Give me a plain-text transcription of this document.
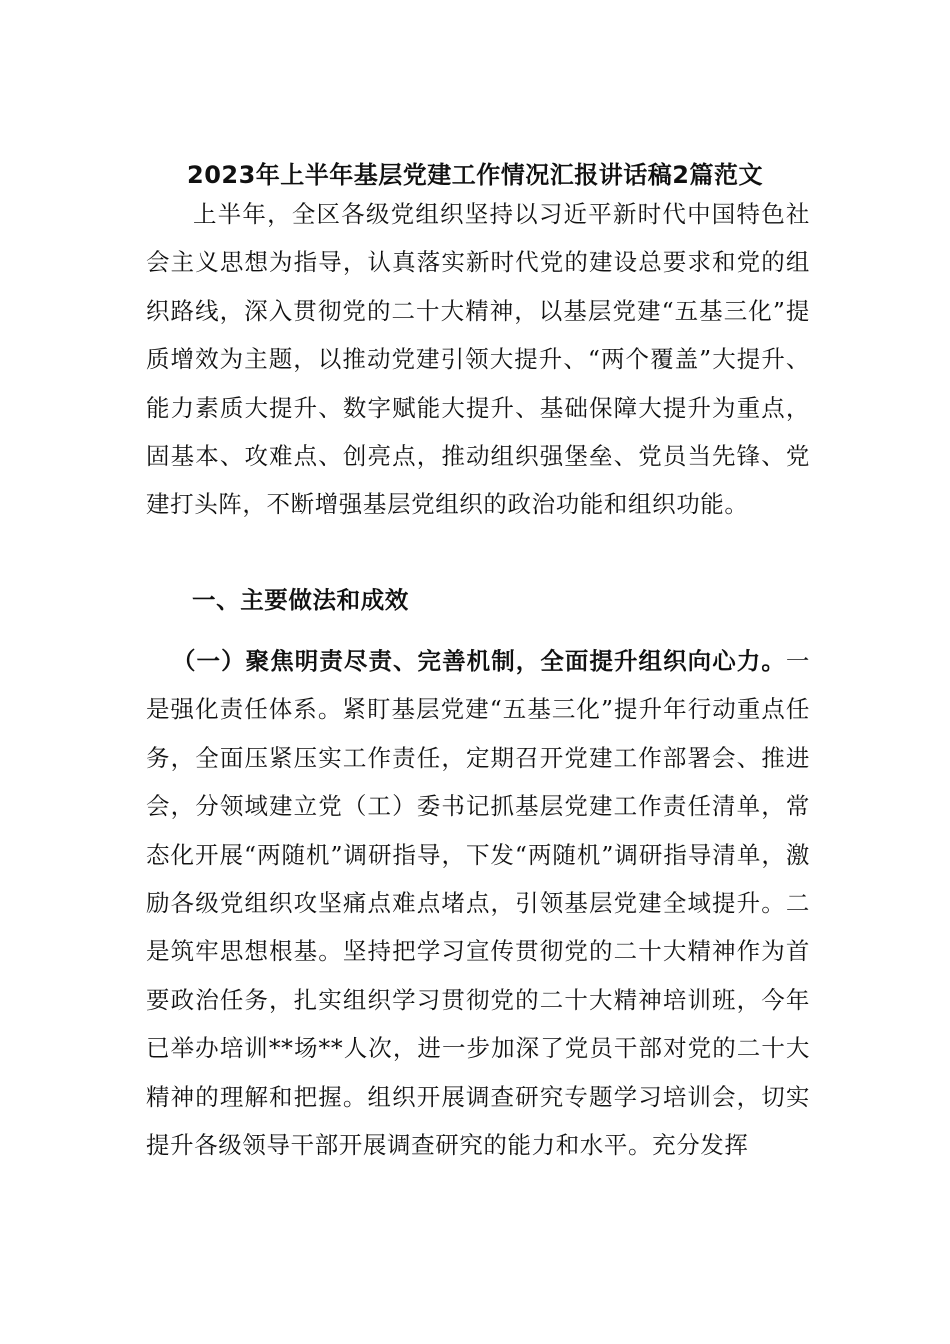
2023年上半年基层党建工作情况汇报讲话稿2篇范文
上半年，全区各级党组织坚持以习近平新时代中国特色社会主义思想为指导，认真落实新时代党的建设总要求和党的组织路线，深入贯彻党的二十大精神，以基层党建“五基三化”提质增效为主题，以推动党建引领大提升、“两个覆盖”大提升、能力素质大提升、数字赋能大提升、基础保障大提升为重点，固基本、攻难点、创亮点，推动组织强堡垒、党员当先锋、党建打头阵，不断增强基层党组织的政治功能和组织功能。
一、主要做法和成效
（一）聚焦明责尽责、完善机制，全面提升组织向心力。一是强化责任体系。紧盯基层党建“五基三化”提升年行动重点任务，全面压紧压实工作责任，定期召开党建工作部署会、推进会，分领域建立党（工）委书记抓基层党建工作责任清单，常态化开展“两随机”调研指导，下发“两随机”调研指导清单，激励各级党组织攻坚痛点难点堵点，引领基层党建全域提升。二是筑牢思想根基。坚持把学习宣传贯彻党的二十大精神作为首要政治任务，扎实组织学习贯彻党的二十大精神培训班，今年已举办培训**场**人次，进一步加深了党员干部对党的二十大精神的理解和把握。组织开展调查研究专题学习培训会，切实提升各级领导干部开展调查研究的能力和水平。充分发挥
